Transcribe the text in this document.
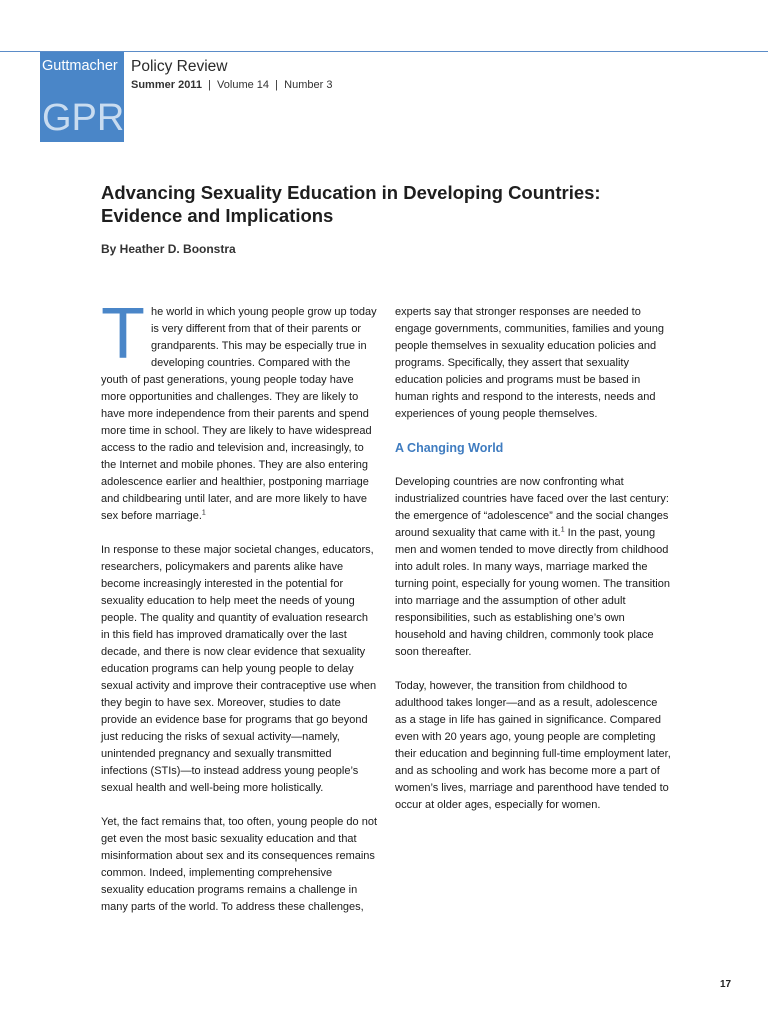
Guttmacher
GPR
Policy Review
Summer 2011 | Volume 14 | Number 3
Advancing Sexuality Education in Developing Countries:
Evidence and Implications
By Heather D. Boonstra

The world in which young people grow up today is very different from that of their parents or grandparents. This may be especially true in developing countries. Compared with the youth of past generations, young people today have more opportunities and challenges. They are likely to have more independence from their parents and spend more time in school. They are likely to have widespread access to the radio and television and, increasingly, to the Internet and mobile phones. They are also entering adolescence earlier and healthier, postponing marriage and childbearing until later, and are more likely to have sex before marriage.$^1$

In response to these major societal changes, educators, researchers, policymakers and parents alike have become increasingly interested in the potential for sexuality education to help meet the needs of young people. The quality and quantity of evaluation research in this field has improved dramatically over the last decade, and there is now clear evidence that sexuality education programs can help young people to delay sexual activity and improve their contraceptive use when they begin to have sex. Moreover, studies to date provide an evidence base for programs that go beyond just reducing the risks of sexual activity—namely, unintended pregnancy and sexually transmitted infections (STIs)—to instead address young people’s sexual health and well-being more holistically.

Yet, the fact remains that, too often, young people do not get even the most basic sexuality education and that misinformation about sex and its consequences remains common. Indeed, implementing comprehensive sexuality education programs remains a challenge in many parts of the world. To address these challenges,

experts say that stronger responses are needed to engage governments, communities, families and young people themselves in sexuality education policies and programs. Specifically, they assert that sexuality education policies and programs must be based in human rights and respond to the interests, needs and experiences of young people themselves.

A Changing World

Developing countries are now confronting what industrialized countries have faced over the last century: the emergence of “adolescence” and the social changes around sexuality that came with it.$^1$ In the past, young men and women tended to move directly from childhood into adult roles. In many ways, marriage marked the turning point, especially for young women. The transition into marriage and the assumption of other adult responsibilities, such as establishing one’s own household and having children, commonly took place soon thereafter.

Today, however, the transition from childhood to adulthood takes longer—and as a result, adolescence as a stage in life has gained in significance. Compared even with 20 years ago, young people are completing their education and beginning full-time employment later, and as schooling and work has become more a part of women’s lives, marriage and parenthood have tended to occur at older ages, especially for women.

17
